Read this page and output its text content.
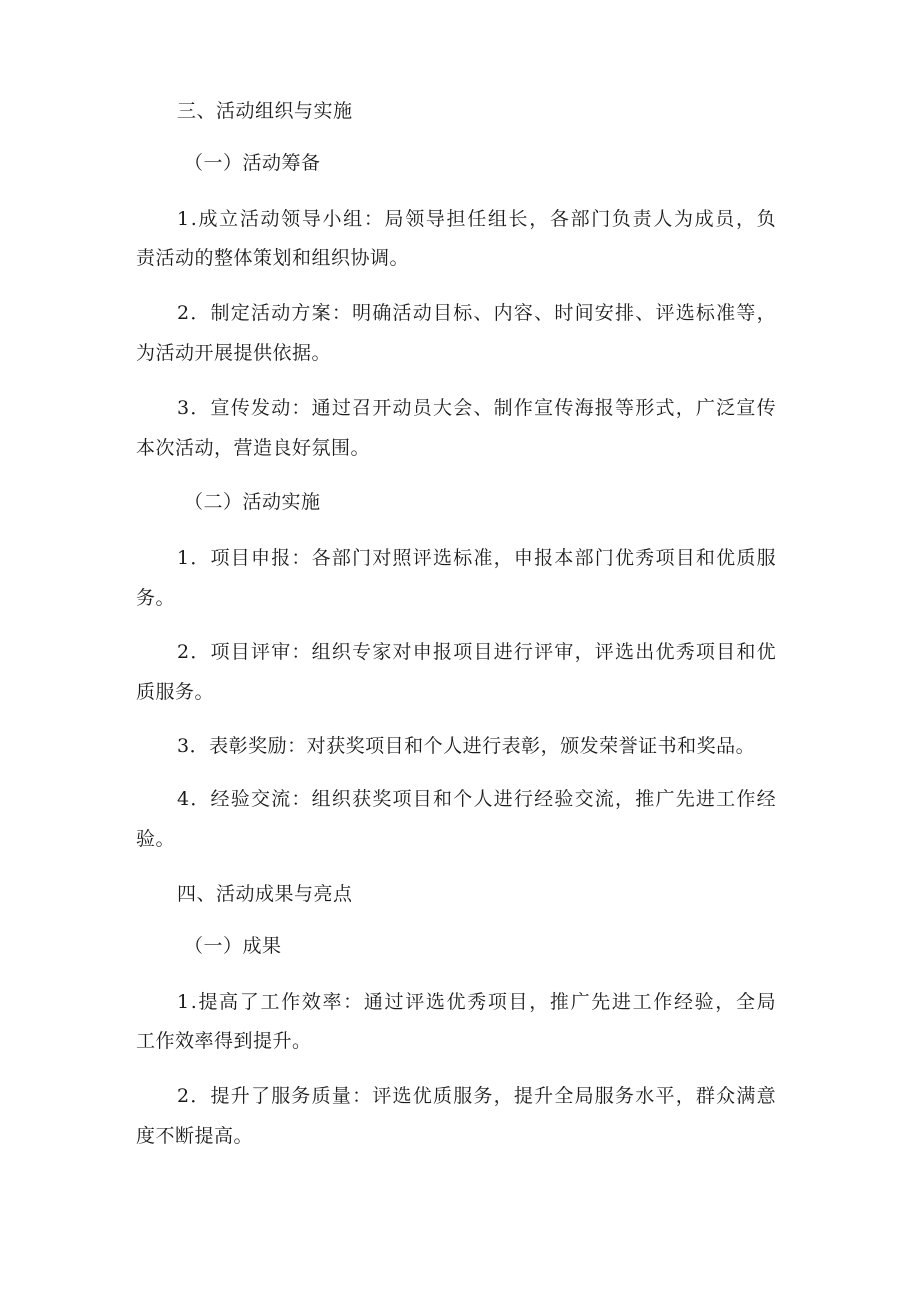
三、活动组织与实施
（一）活动筹备
1.成立活动领导小组：局领导担任组长，各部门负责人为成员，负
责活动的整体策划和组织协调。
2．制定活动方案：明确活动目标、内容、时间安排、评选标准等，
为活动开展提供依据。
3．宣传发动：通过召开动员大会、制作宣传海报等形式，广泛宣传
本次活动，营造良好氛围。
（二）活动实施
1．项目申报：各部门对照评选标准，申报本部门优秀项目和优质服
务。
2．项目评审：组织专家对申报项目进行评审，评选出优秀项目和优
质服务。
3．表彰奖励：对获奖项目和个人进行表彰，颁发荣誉证书和奖品。
4．经验交流：组织获奖项目和个人进行经验交流，推广先进工作经
验。
四、活动成果与亮点
（一）成果
1.提高了工作效率：通过评选优秀项目，推广先进工作经验，全局
工作效率得到提升。
2．提升了服务质量：评选优质服务，提升全局服务水平，群众满意
度不断提高。
